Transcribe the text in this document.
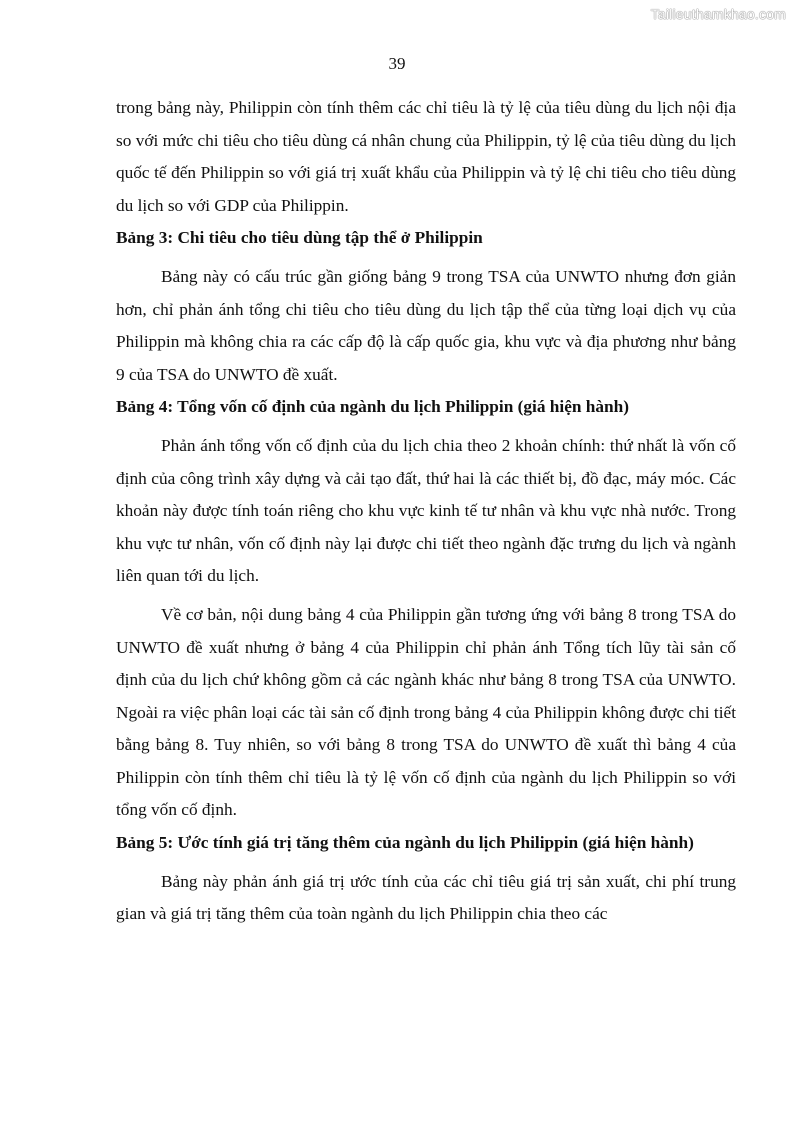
Tailieuthamkhao.com
39

trong bảng này, Philippin còn tính thêm các chỉ tiêu là tỷ lệ của tiêu dùng du lịch nội địa so với mức chi tiêu cho tiêu dùng cá nhân chung của Philippin, tỷ lệ của tiêu dùng du lịch quốc tế đến Philippin so với giá trị xuất khẩu của Philippin và tỷ lệ chi tiêu cho tiêu dùng du lịch so với GDP của Philippin.

Bảng 3: Chi tiêu cho tiêu dùng tập thể ở Philippin

Bảng này có cấu trúc gần giống bảng 9 trong TSA của UNWTO nhưng đơn giản hơn, chỉ phản ánh tổng chi tiêu cho tiêu dùng du lịch tập thể của từng loại dịch vụ của Philippin mà không chia ra các cấp độ là cấp quốc gia, khu vực và địa phương như bảng 9 của TSA do UNWTO đề xuất.

Bảng 4: Tổng vốn cố định của ngành du lịch Philippin (giá hiện hành)

Phản ánh tổng vốn cố định của du lịch chia theo 2 khoản chính: thứ nhất là vốn cố định của công trình xây dựng và cải tạo đất, thứ hai là các thiết bị, đồ đạc, máy móc. Các khoản này được tính toán riêng cho khu vực kinh tế tư nhân và khu vực nhà nước. Trong khu vực tư nhân, vốn cố định này lại được chi tiết theo ngành đặc trưng du lịch và ngành liên quan tới du lịch.

Về cơ bản, nội dung bảng 4 của Philippin gần tương ứng với bảng 8 trong TSA do UNWTO đề xuất nhưng ở bảng 4 của Philippin chỉ phản ánh Tổng tích lũy tài sản cố định của du lịch chứ không gồm cả các ngành khác như bảng 8 trong TSA của UNWTO. Ngoài ra việc phân loại các tài sản cố định trong bảng 4 của Philippin không được chi tiết bằng bảng 8. Tuy nhiên, so với bảng 8 trong TSA do UNWTO đề xuất thì bảng 4 của Philippin còn tính thêm chỉ tiêu là tỷ lệ vốn cố định của ngành du lịch Philippin so với tổng vốn cố định.

Bảng 5: Ước tính giá trị tăng thêm của ngành du lịch Philippin (giá hiện hành)

Bảng này phản ánh giá trị ước tính của các chỉ tiêu giá trị sản xuất, chi phí trung gian và giá trị tăng thêm của toàn ngành du lịch Philippin chia theo các
